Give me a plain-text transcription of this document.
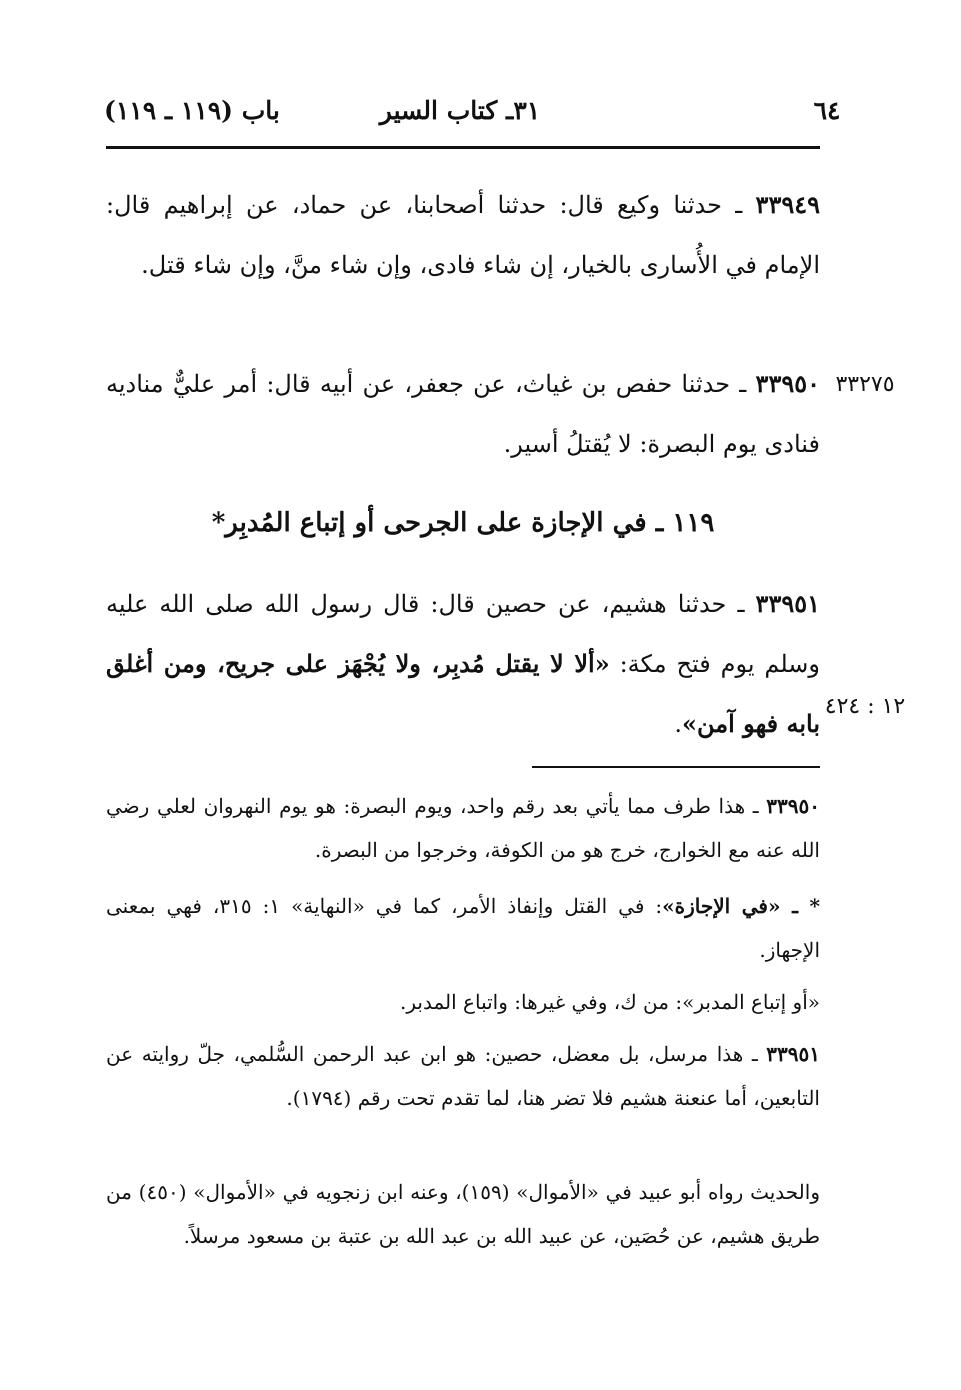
٦٤
٣١ـ كتاب السير
باب (١١٩ ـ ١١٩)
٣٣٩٤٩ ـ حدثنا وكيع قال: حدثنا أصحابنا، عن حماد، عن إبراهيم قال: الإمام في الأُسارى بالخيار، إن شاء فادى، وإن شاء منَّ، وإن شاء قتل.
٣٣٢٧٥
٣٣٩٥٠ ـ حدثنا حفص بن غياث، عن جعفر، عن أبيه قال: أمر عليٌّ مناديه فنادى يوم البصرة: لا يُقتلُ أسير.
١١٩ ـ في الإجازة على الجرحى أو إتباع المُدبِر*
١٢ : ٤٢٤
٣٣٩٥١ ـ حدثنا هشيم، عن حصين قال: قال رسول الله صلى الله عليه وسلم يوم فتح مكة: «ألا لا يقتل مُدبِر، ولا يُجْهَز على جريح، ومن أغلق بابه فهو آمن».
٣٣٩٥٠ ـ هذا طرف مما يأتي بعد رقم واحد، ويوم البصرة: هو يوم النهروان لعلي رضي الله عنه مع الخوارج، خرج هو من الكوفة، وخرجوا من البصرة.
* ـ «في الإجازة»: في القتل وإنفاذ الأمر، كما في «النهاية» ١: ٣١٥، فهي بمعنى الإجهاز.
«أو إتباع المدبر»: من ك، وفي غيرها: واتباع المدبر.
٣٣٩٥١ ـ هذا مرسل، بل معضل، حصين: هو ابن عبد الرحمن السُّلمي، جلّ روايته عن التابعين، أما عنعنة هشيم فلا تضر هنا، لما تقدم تحت رقم (١٧٩٤).
والحديث رواه أبو عبيد في «الأموال» (١٥٩)، وعنه ابن زنجويه في «الأموال» (٤٥٠) من طريق هشيم، عن حُصَين، عن عبيد الله بن عبد الله بن عتبة بن مسعود مرسلاً.
